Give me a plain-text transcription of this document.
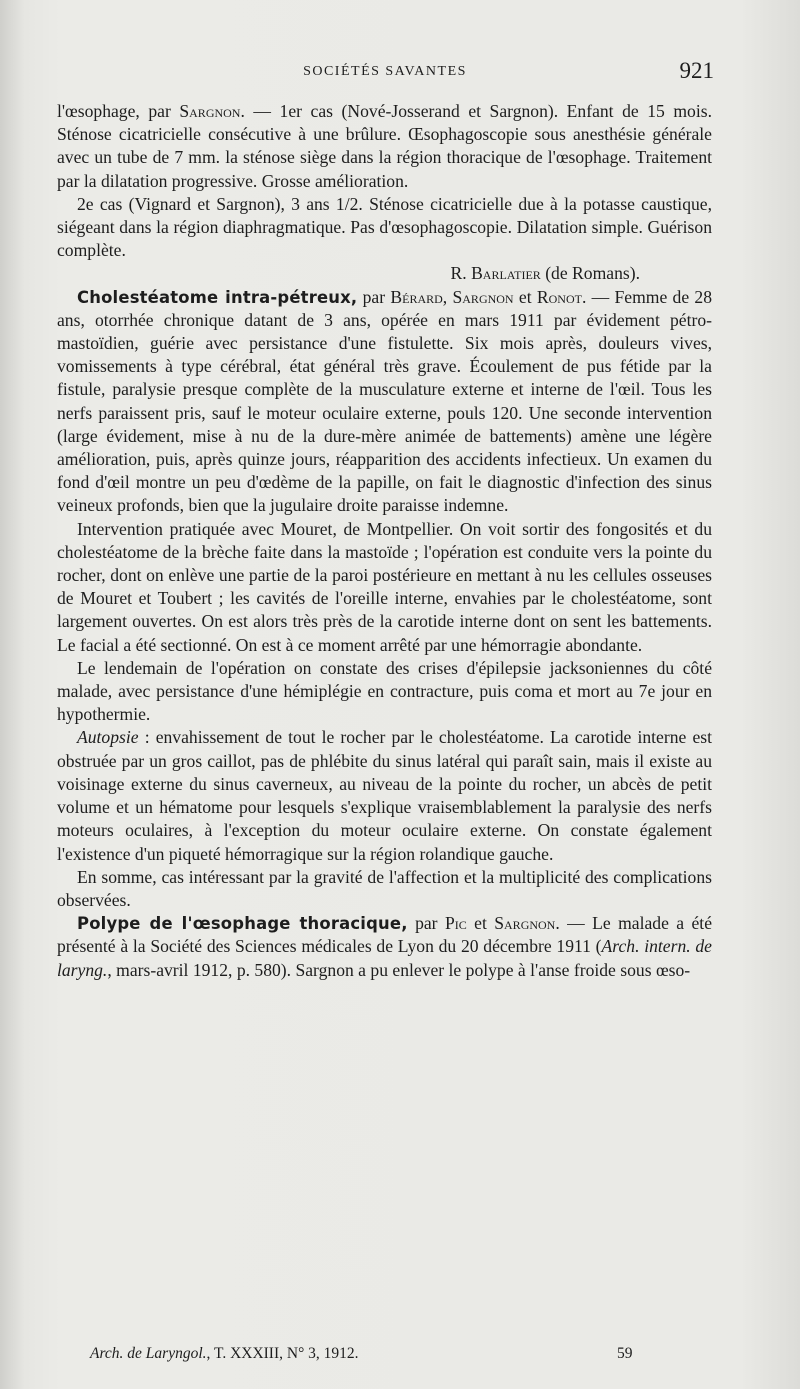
SOCIÉTÉS SAVANTES	921

l'œsophage, par Sargnon. — 1er cas (Nové-Josserand et Sargnon). Enfant de 15 mois. Sténose cicatricielle consécutive à une brûlure. Œsophagoscopie sous anesthésie générale avec un tube de 7 mm. la sténose siège dans la région thoracique de l'œsophage. Traitement par la dilatation progressive. Grosse amélioration.

2e cas (Vignard et Sargnon), 3 ans 1/2. Sténose cicatricielle due à la potasse caustique, siégeant dans la région diaphragmatique. Pas d'œsophagoscopie. Dilatation simple. Guérison complète.

R. Barlatier (de Romans).

Cholestéatome intra-pétreux, par Bérard, Sargnon et Ronot. — Femme de 28 ans, otorrhée chronique datant de 3 ans, opérée en mars 1911 par évidement pétro-mastoïdien, guérie avec persistance d'une fistulette. Six mois après, douleurs vives, vomissements à type cérébral, état général très grave. Écoulement de pus fétide par la fistule, paralysie presque complète de la musculature externe et interne de l'œil. Tous les nerfs paraissent pris, sauf le moteur oculaire externe, pouls 120. Une seconde intervention (large évidement, mise à nu de la dure-mère animée de battements) amène une légère amélioration, puis, après quinze jours, réapparition des accidents infectieux. Un examen du fond d'œil montre un peu d'œdème de la papille, on fait le diagnostic d'infection des sinus veineux profonds, bien que la jugulaire droite paraisse indemne.

Intervention pratiquée avec Mouret, de Montpellier. On voit sortir des fongosités et du cholestéatome de la brèche faite dans la mastoïde ; l'opération est conduite vers la pointe du rocher, dont on enlève une partie de la paroi postérieure en mettant à nu les cellules osseuses de Mouret et Toubert ; les cavités de l'oreille interne, envahies par le cholestéatome, sont largement ouvertes. On est alors très près de la carotide interne dont on sent les battements. Le facial a été sectionné. On est à ce moment arrêté par une hémorragie abondante.

Le lendemain de l'opération on constate des crises d'épilepsie jacksoniennes du côté malade, avec persistance d'une hémiplégie en contracture, puis coma et mort au 7e jour en hypothermie.

Autopsie : envahissement de tout le rocher par le cholestéatome. La carotide interne est obstruée par un gros caillot, pas de phlébite du sinus latéral qui paraît sain, mais il existe au voisinage externe du sinus caverneux, au niveau de la pointe du rocher, un abcès de petit volume et un hématome pour lesquels s'explique vraisemblablement la paralysie des nerfs moteurs oculaires, à l'exception du moteur oculaire externe. On constate également l'existence d'un piqueté hémorragique sur la région rolandique gauche.

En somme, cas intéressant par la gravité de l'affection et la multiplicité des complications observées.

Polype de l'œsophage thoracique, par Pic et Sargnon. — Le malade a été présenté à la Société des Sciences médicales de Lyon du 20 décembre 1911 (Arch. intern. de laryng., mars-avril 1912, p. 580). Sargnon a pu enlever le polype à l'anse froide sous œso-

Arch. de Laryngol., T. XXXIII, N° 3, 1912.	59
